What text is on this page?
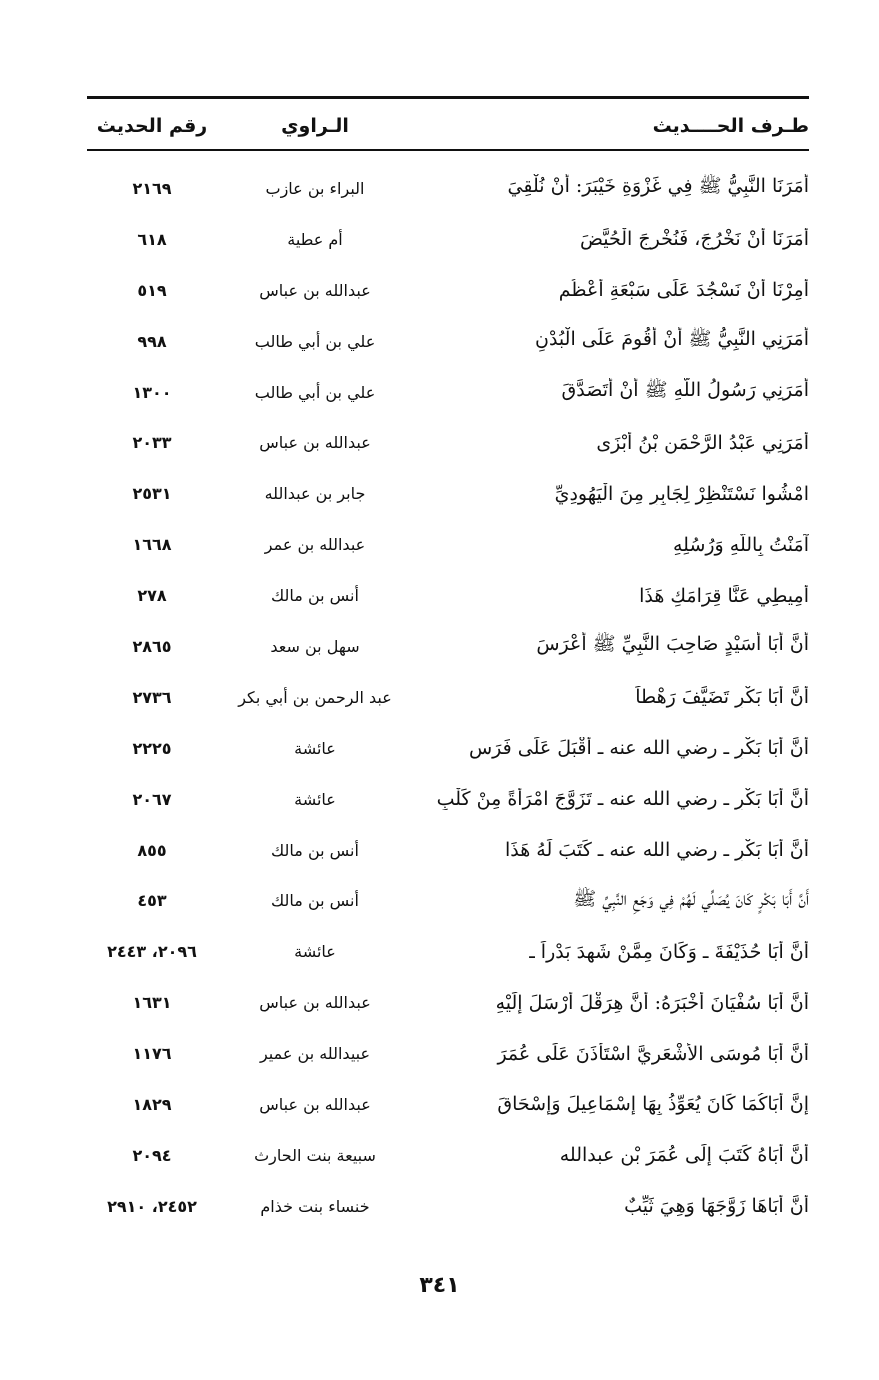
طـرف الحــــديث
الـراوي
رقم الحديث
أَمَرَنَا النَّبِيُّ ﷺ فِي غَزْوَةِ خَيْبَرَ: أَنْ نُلْقِيَ
البراء بن عازب
٢١٦٩
أَمَرَنَا أَنْ نَخْرُجَ، فَنُخْرِجَ الْحُيَّضَ
أم عطية
٦١٨
أُمِرْنَا أَنْ نَسْجُدَ عَلَى سَبْعَةِ أَعْظُمٍ
عبدالله بن عباس
٥١٩
أَمَرَنِي النَّبِيُّ ﷺ أَنْ أَقُومَ عَلَى الْبُدْنِ
علي بن أبي طالب
٩٩٨
أَمَرَنِي رَسُولُ اللَّهِ ﷺ أَنْ أَتَصَدَّقَ
علي بن أبي طالب
١٣٠٠
أَمَرَنِي عَبْدُ الرَّحْمَنِ بْنُ أَبْزَى
عبدالله بن عباس
٢٠٣٣
امْشُوا نَسْتَنْظِرْ لِجَابِرٍ مِنَ الْيَهُودِيِّ
جابر بن عبدالله
٢٥٣١
آمَنْتُ بِاللَّهِ وَرُسُلِهِ
عبدالله بن عمر
١٦٦٨
أَمِيطِي عَنَّا قِرَامَكِ هَذَا
أنس بن مالك
٢٧٨
أَنَّ أَبَا أُسَيْدٍ صَاحِبَ النَّبِيِّ ﷺ أَعْرَسَ
سهل بن سعد
٢٨٦٥
أَنَّ أَبَا بَكْرٍ تَضَيَّفَ رَهْطاً
عبد الرحمن بن أبي بكر
٢٧٣٦
أَنَّ أَبَا بَكْرٍ ـ رضي الله عنه ـ أَقْبَلَ عَلَى فَرَسٍ
عائشة
٢٢٢٥
أَنَّ أَبَا بَكْرٍ ـ رضي الله عنه ـ تَزَوَّجَ امْرَأَةً مِنْ كَلْبٍ
عائشة
٢٠٦٧
أَنَّ أَبَا بَكْرٍ ـ رضي الله عنه ـ كَتَبَ لَهُ هَذَا
أنس بن مالك
٨٥٥
أَنَّ أَبَا بَكْرٍ كَانَ يُصَلِّي لَهُمْ فِي وَجَعِ النَّبِيِّ ﷺ
أنس بن مالك
٤٥٣
أَنَّ أَبَا حُذَيْفَةَ ـ وَكَانَ مِمَّنْ شَهِدَ بَدْراً ـ
عائشة
٢٠٩٦، ٢٤٤٣
أَنَّ أَبَا سُفْيَانَ أَخْبَرَهُ: أَنَّ هِرَقْلَ أَرْسَلَ إِلَيْهِ
عبدالله بن عباس
١٦٣١
أَنَّ أَبَا مُوسَى الأَشْعَرِيَّ اسْتَأْذَنَ عَلَى عُمَرَ
عبيدالله بن عمير
١١٧٦
إِنَّ أَبَاكُمَا كَانَ يُعَوِّذُ بِهَا إِسْمَاعِيلَ وَإِسْحَاقَ
عبدالله بن عباس
١٨٢٩
أَنَّ أَبَاهُ كَتَبَ إِلَى عُمَرَ بْنِ عبدالله
سبيعة بنت الحارث
٢٠٩٤
أَنَّ أَبَاهَا زَوَّجَهَا وَهِيَ ثَيِّبٌ
خنساء بنت خذام
٢٤٥٢، ٢٩١٠
٣٤١
